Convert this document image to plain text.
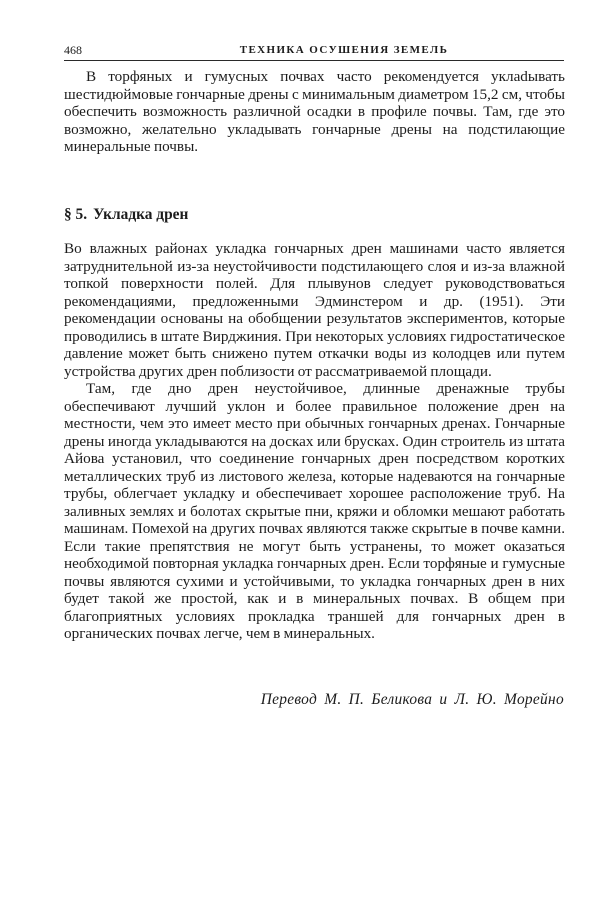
468	ТЕХНИКА ОСУШЕНИЯ ЗЕМЕЛЬ

В торфяных и гумусных почвах часто рекомендуется уклаdывать шестидюймовые гончарные дрены с минимальным диаметром 15,2 см, чтобы обеспечить возможность различной осадки в профиле почвы. Там, где это возможно, желательно укладывать гончарные дрены на подстилающие минеральные почвы.

§ 5. Укладка дрен

Во влажных районах укладка гончарных дрен машинами часто является затруднительной из-за неустойчивости подстилающего слоя и из-за влажной топкой поверхности полей. Для плывунов следует руководствоваться рекомендациями, предложенными Эдминстером и др. (1951). Эти рекомендации основаны на обобщении результатов экспериментов, которые проводились в штате Вирджиния. При некоторых условиях гидростатическое давление может быть снижено путем откачки воды из колодцев или путем устройства других дрен поблизости от рассматриваемой площади.

Там, где дно дрен неустойчивое, длинные дренажные трубы обеспечивают лучший уклон и более правильное положение дрен на местности, чем это имеет место при обычных гончарных дренах. Гончарные дрены иногда укладываются на досках или брусках. Один строитель из штата Айова установил, что соединение гончарных дрен посредством коротких металлических труб из листового железа, которые надеваются на гончарные трубы, облегчает укладку и обеспечивает хорошее расположение труб. На заливных землях и болотах скрытые пни, кряжи и обломки мешают работать машинам. Помехой на других почвах являются также скрытые в почве камни. Если такие препятствия не могут быть устранены, то может оказаться необходимой повторная укладка гончарных дрен. Если торфяные и гумусные почвы являются сухими и устойчивыми, то укладка гончарных дрен в них будет такой же простой, как и в минеральных почвах. В общем при благоприятных условиях прокладка траншей для гончарных дрен в органических почвах легче, чем в минеральных.

Перевод М. П. Беликова и Л. Ю. Морейно
